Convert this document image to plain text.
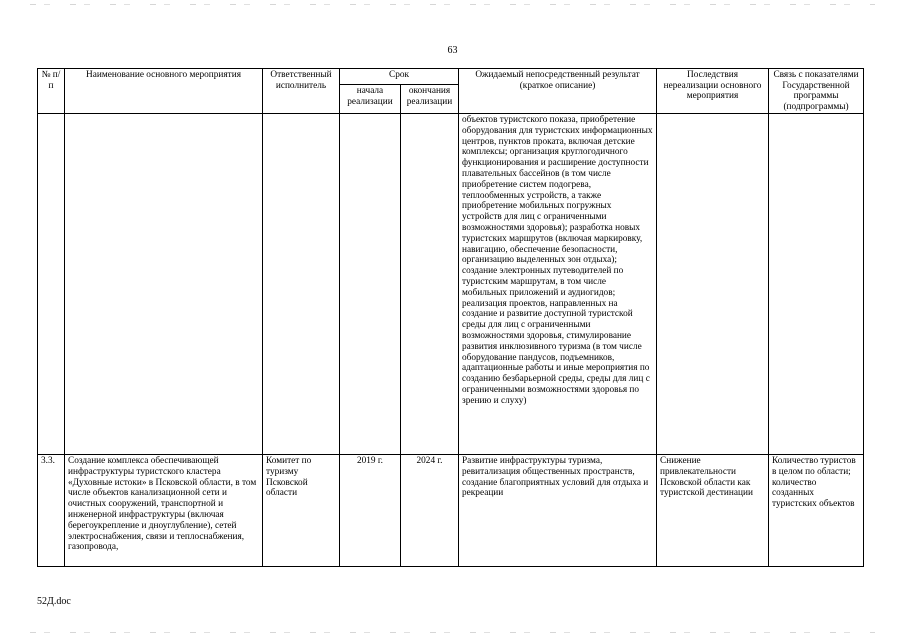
63
№ п/п	Наименование основного мероприятия	Ответственный исполнитель	Срок		Ожидаемый непосредственный результат (краткое описание)	Последствия нереализации основного мероприятия	Связь с показателями Государственной программы (подпрограммы)
			начала реализации	окончания реализации			
					объектов туристского показа, приобретение оборудования для туристских информационных центров, пунктов проката, включая детские комплексы; организация круглогодичного функционирования и расширение доступности плавательных бассейнов (в том числе приобретение систем подогрева, теплообменных устройств, а также приобретение мобильных погружных устройств для лиц с ограниченными возможностями здоровья); разработка новых туристских маршрутов (включая маркировку, навигацию, обеспечение безопасности, организацию выделенных зон отдыха); создание электронных путеводителей по туристским маршрутам, в том числе мобильных приложений и аудиогидов; реализация проектов, направленных на создание и развитие доступной туристской среды для лиц с ограниченными возможностями здоровья, стимулирование развития инклюзивного туризма (в том числе оборудование пандусов, подъемников, адаптационные работы и иные мероприятия по созданию безбарьерной среды, среды для лиц с ограниченными возможностями здоровья по зрению и слуху)		
3.3.	Создание комплекса обеспечивающей инфраструктуры туристского кластера «Духовные истоки» в Псковской области, в том числе объектов канализационной сети и очистных сооружений, транспортной и инженерной инфраструктуры (включая берегоукрепление и дноуглубление), сетей электроснабжения, связи и теплоснабжения, газопровода,	Комитет по туризму Псковской области	2019 г.	2024 г.	Развитие инфраструктуры туризма, ревитализация общественных пространств, создание благоприятных условий для отдыха и рекреации	Снижение привлекательности Псковской области как туристской дестинации	Количество туристов в целом по области; количество созданных туристских объектов
52Д.doc
